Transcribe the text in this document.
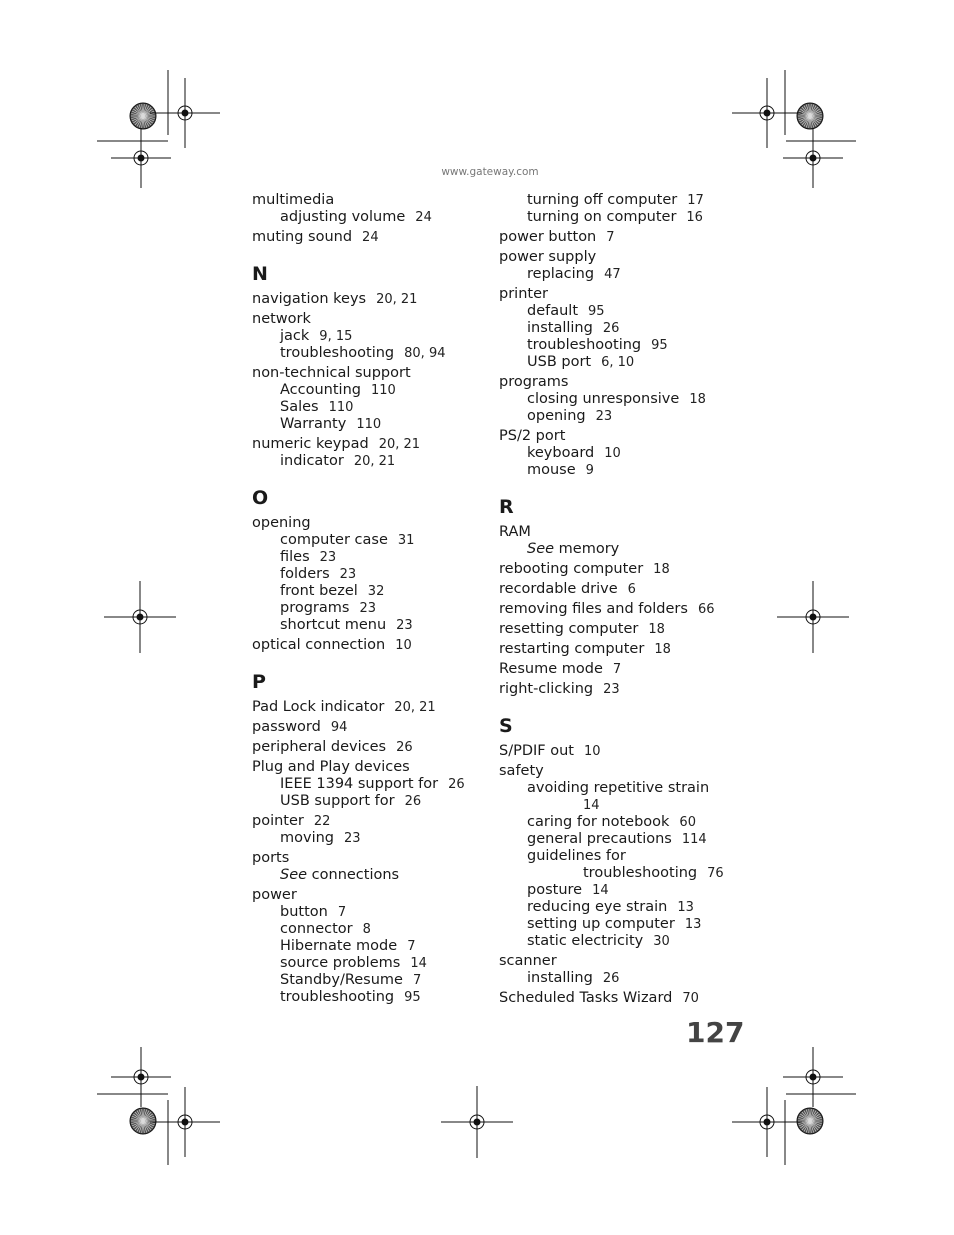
www.gateway.com
multimedia
adjusting volume 24
muting sound 24
N
navigation keys 20, 21
network
jack 9, 15
troubleshooting 80, 94
non-technical support
Accounting 110
Sales 110
Warranty 110
numeric keypad 20, 21
indicator 20, 21
O
opening
computer case 31
files 23
folders 23
front bezel 32
programs 23
shortcut menu 23
optical connection 10
P
Pad Lock indicator 20, 21
password 94
peripheral devices 26
Plug and Play devices
IEEE 1394 support for 26
USB support for 26
pointer 22
moving 23
ports
See connections
power
button 7
connector 8
Hibernate mode 7
source problems 14
Standby/Resume 7
troubleshooting 95
turning off computer 17
turning on computer 16
power button 7
power supply
replacing 47
printer
default 95
installing 26
troubleshooting 95
USB port 6, 10
programs
closing unresponsive 18
opening 23
PS/2 port
keyboard 10
mouse 9
R
RAM
See memory
rebooting computer 18
recordable drive 6
removing files and folders 66
resetting computer 18
restarting computer 18
Resume mode 7
right-clicking 23
S
S/PDIF out 10
safety
avoiding repetitive strain
14
caring for notebook 60
general precautions 114
guidelines for
troubleshooting 76
posture 14
reducing eye strain 13
setting up computer 13
static electricity 30
scanner
installing 26
Scheduled Tasks Wizard 70
127
